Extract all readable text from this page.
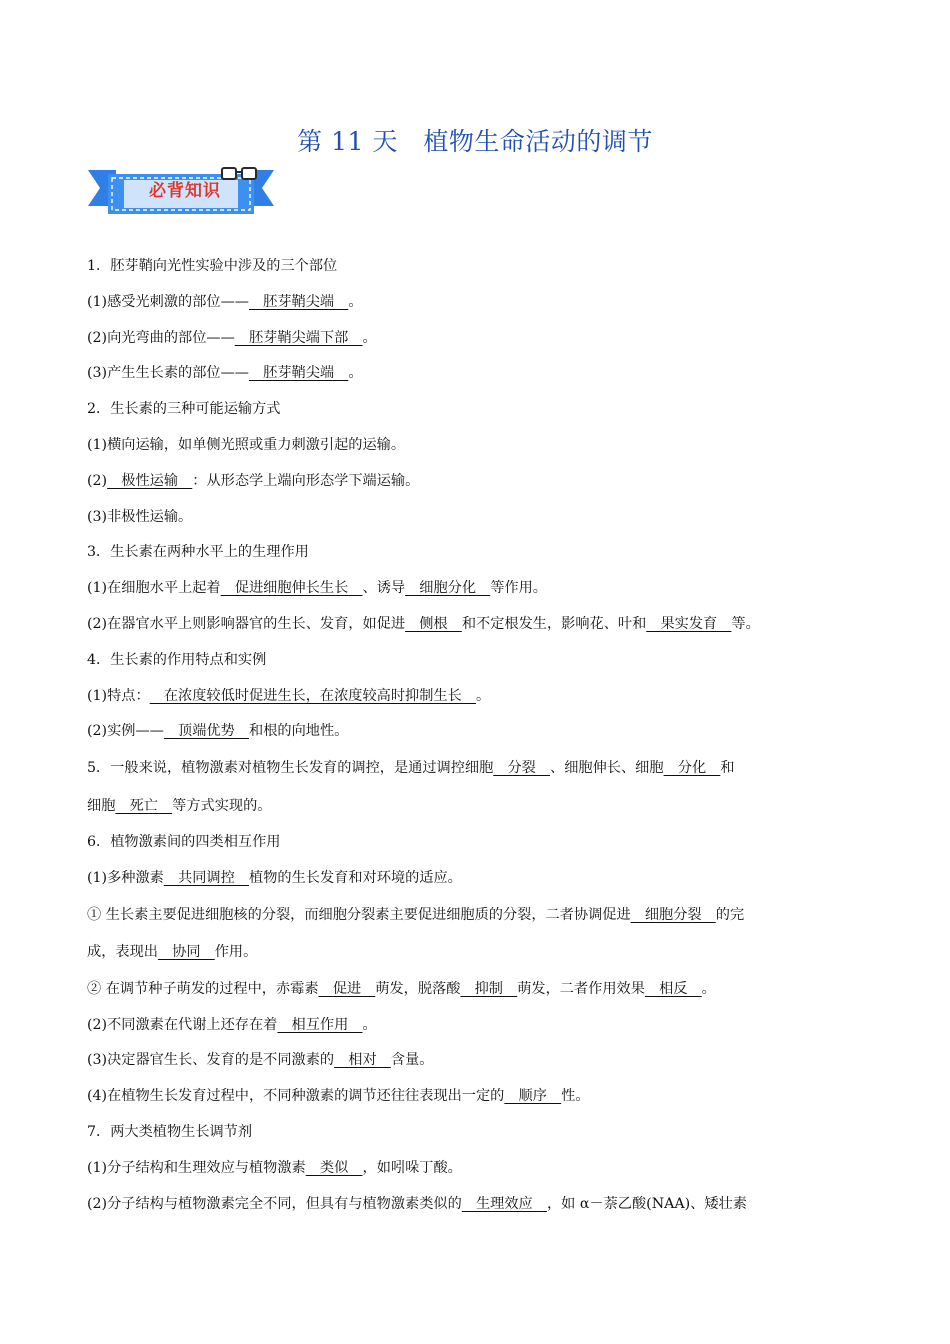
第 11 天　植物生命活动的调节
必背知识
1．胚芽鞘向光性实验中涉及的三个部位
(1)感受光刺激的部位——  胚芽鞘尖端  。
(2)向光弯曲的部位——  胚芽鞘尖端下部  。
(3)产生生长素的部位——  胚芽鞘尖端  。
2．生长素的三种可能运输方式
(1)横向运输，如单侧光照或重力刺激引起的运输。
(2)  极性运输  ：从形态学上端向形态学下端运输。
(3)非极性运输。
3．生长素在两种水平上的生理作用
(1)在细胞水平上起着  促进细胞伸长生长  、诱导  细胞分化  等作用。
(2)在器官水平上则影响器官的生长、发育，如促进  侧根  和不定根发生，影响花、叶和  果实发育  等。
4．生长素的作用特点和实例
(1)特点：  在浓度较低时促进生长，在浓度较高时抑制生长  。
(2)实例——  顶端优势  和根的向地性。
5．一般来说，植物激素对植物生长发育的调控，是通过调控细胞  分裂  、细胞伸长、细胞  分化  和
细胞  死亡  等方式实现的。
6．植物激素间的四类相互作用
(1)多种激素  共同调控  植物的生长发育和对环境的适应。
① 生长素主要促进细胞核的分裂，而细胞分裂素主要促进细胞质的分裂，二者协调促进  细胞分裂  的完
成，表现出  协同  作用。
② 在调节种子萌发的过程中，赤霉素  促进  萌发，脱落酸  抑制  萌发，二者作用效果  相反  。
(2)不同激素在代谢上还存在着  相互作用  。
(3)决定器官生长、发育的是不同激素的  相对  含量。
(4)在植物生长发育过程中，不同种激素的调节还往往表现出一定的  顺序  性。
7．两大类植物生长调节剂
(1)分子结构和生理效应与植物激素  类似  ，如吲哚丁酸。
(2)分子结构与植物激素完全不同，但具有与植物激素类似的  生理效应  ，如 α－萘乙酸(NAA)、矮壮素
